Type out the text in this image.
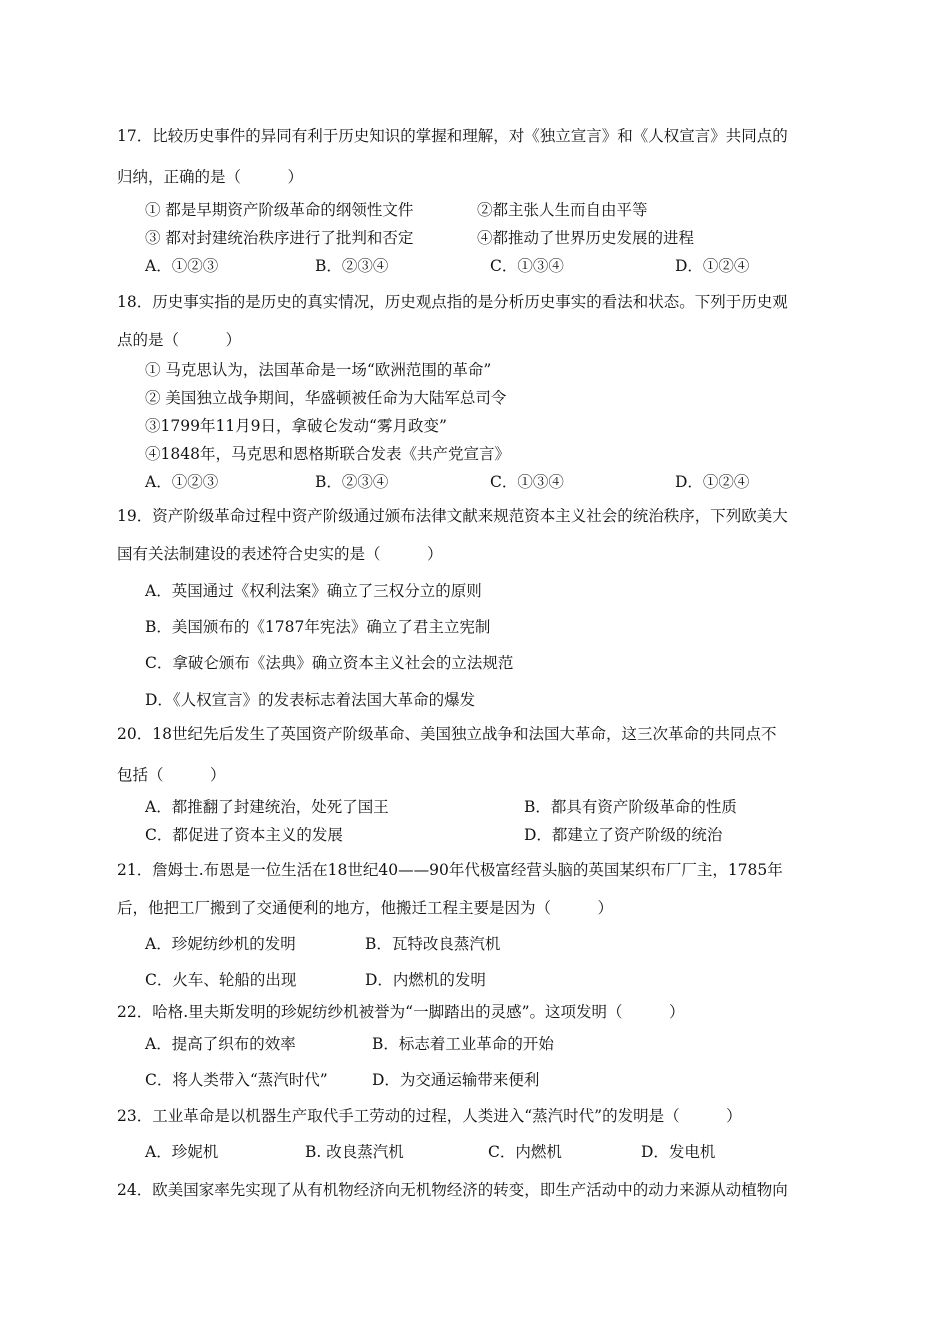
17．比较历史事件的异同有利于历史知识的掌握和理解，对《独立宣言》和《人权宣言》共同点的
归纳，正确的是（　　　）
① 都是早期资产阶级革命的纲领性文件	②都主张人生而自由平等
③ 都对封建统治秩序进行了批判和否定	④都推动了世界历史发展的进程
A．①②③	B．②③④	C．①③④	D．①②④
18．历史事实指的是历史的真实情况，历史观点指的是分析历史事实的看法和状态。下列于历史观
点的是（　　　）
① 马克思认为，法国革命是一场“欧洲范围的革命”
② 美国独立战争期间，华盛顿被任命为大陆军总司令
③1799年11月9日，拿破仑发动“雾月政变”
④1848年，马克思和恩格斯联合发表《共产党宣言》
A．①②③	B．②③④	C．①③④	D．①②④
19．资产阶级革命过程中资产阶级通过颁布法律文献来规范资本主义社会的统治秩序，下列欧美大
国有关法制建设的表述符合史实的是（　　　）
A．英国通过《权利法案》确立了三权分立的原则
B．美国颁布的《1787年宪法》确立了君主立宪制
C．拿破仑颁布《法典》确立资本主义社会的立法规范
D．《人权宣言》的发表标志着法国大革命的爆发
20．18世纪先后发生了英国资产阶级革命、美国独立战争和法国大革命，这三次革命的共同点不
包括（　　　）
A．都推翻了封建统治，处死了国王	B．都具有资产阶级革命的性质
C．都促进了资本主义的发展	D．都建立了资产阶级的统治
21．詹姆士.布恩是一位生活在18世纪40——90年代极富经营头脑的英国某织布厂厂主，1785年
后，他把工厂搬到了交通便利的地方，他搬迁工程主要是因为（　　　）
A．珍妮纺纱机的发明	B．瓦特改良蒸汽机
C．火车、轮船的出现	D．内燃机的发明
22．哈格.里夫斯发明的珍妮纺纱机被誉为“一脚踏出的灵感”。这项发明（　　　）
A．提高了织布的效率	B．标志着工业革命的开始
C．将人类带入“蒸汽时代”	D．为交通运输带来便利
23．工业革命是以机器生产取代手工劳动的过程，人类进入“蒸汽时代”的发明是（　　　）
A．珍妮机	B. 改良蒸汽机	C．内燃机	D．发电机
24．欧美国家率先实现了从有机物经济向无机物经济的转变，即生产活动中的动力来源从动植物向
